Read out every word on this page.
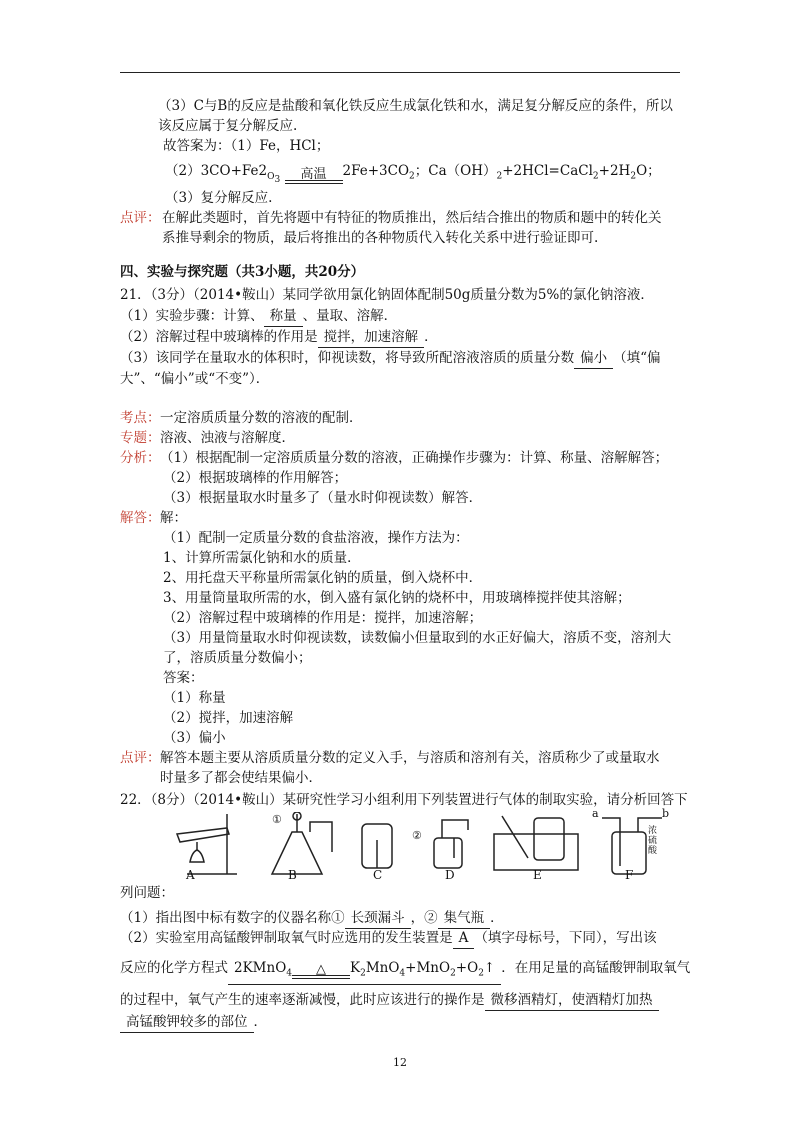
（3）C与B的反应是盐酸和氧化铁反应生成氯化铁和水，满足复分解反应的条件，所以
该反应属于复分解反应.
故答案为：（1）Fe，HCl；
$(2)3CO+Fe2_{O_3}$	高温	$2Fe+3CO_2$；$Ca(OH)_2+2HCl=CaCl_2+2H_2O$；
（3）复分解反应.
点评： 在解此类题时，首先将题中有特征的物质推出，然后结合推出的物质和题中的转化关
系推导剩余的物质，最后将推出的各种物质代入转化关系中进行验证即可.
四、实验与探究题（共3小题，共20分）
21．（3分）（2014•鞍山）某同学欲用氯化钠固体配制50g质量分数为5%的氯化钠溶液．
（1）实验步骤：计算、 称量 、量取、溶解．
（2）溶解过程中玻璃棒的作用是 搅拌，加速溶解 ．
（3）该同学在量取水的体积时，仰视读数，将导致所配溶液溶质的质量分数 偏小 （填“偏
大”、“偏小”或“不变”）．
考点： 一定溶质质量分数的溶液的配制．
专题： 溶液、浊液与溶解度．
分析： （1）根据配制一定溶质质量分数的溶液，正确操作步骤为：计算、称量、溶解解答；
（2）根据玻璃棒的作用解答；
（3）根据量取水时量多了（量水时仰视读数）解答．
解答： 解：
（1）配制一定质量分数的食盐溶液，操作方法为：
1、计算所需氯化钠和水的质量．
2、用托盘天平称量所需氯化钠的质量，倒入烧杯中．
3、用量筒量取所需的水，倒入盛有氯化钠的烧杯中，用玻璃棒搅拌使其溶解；
（2）溶解过程中玻璃棒的作用是：搅拌，加速溶解；
（3）用量筒量取水时仰视读数，读数偏小但量取到的水正好偏大，溶质不变，溶剂大
了，溶质质量分数偏小；
答案：
（1）称量
（2）搅拌，加速溶解
（3）偏小
点评： 解答本题主要从溶质质量分数的定义入手，与溶质和溶剂有关，溶质称少了或量取水
时量多了都会使结果偏小．
22．（8分）（2014•鞍山）某研究性学习小组利用下列装置进行气体的制取实验，请分析回答下
①
②
a	b
浓硫酸
A	B	C	D	E	F
列问题：
（1）指出图中标有数字的仪器名称① 长颈漏斗 ，② 集气瓶 ．
（2）实验室用高锰酸钾制取氧气时应选用的发生装置是 A （填字母标号，下同），写出该
反应的化学方程式 2KMnO$_4$	△	$K_2MnO_4+MnO_2+O_2↑$ ．在用足量的高锰酸钾制取氧气
的过程中，氧气产生的速率逐渐减慢，此时应该进行的操作是 微移酒精灯，使酒精灯加热
高锰酸钾较多的部位 ．
12
